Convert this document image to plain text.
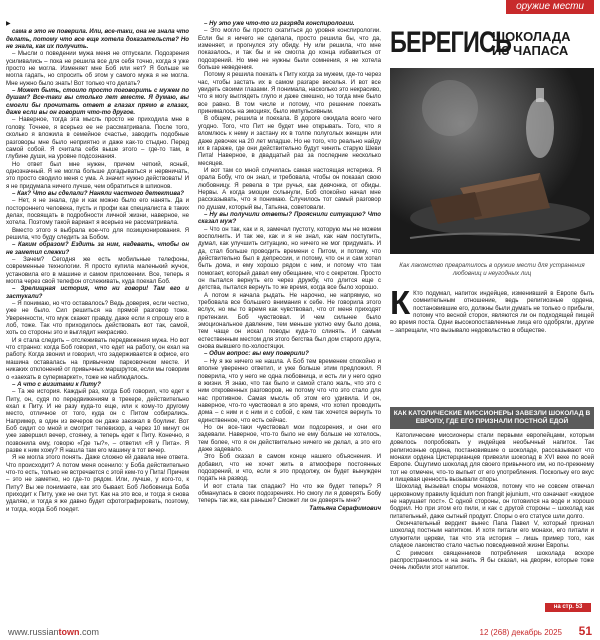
оружие мести
▶

сама в это не поверила. Или, все-таки, она не знала что делать, потому что все еще хотела доказательств? Но не знала, как их получить.

– Мысли о поведении мужа меня не отпускали. Подозрения усиливались – пока не решила все для себя точно, когда я уже просто не могла. Изменяет мне Боб или нет? Я больше не могла гадать, но спросить об этом у самого мужа я не могла. Мне нужно было знать! Вот только что делать?

– Может быть, стоило просто поговорить с мужем по душам? Все-таки вы столько лет вместе. Я думаю, вы смогли бы прочитать ответ в глазах прямо в глазах, даже если вы он говорит что-то другое.

– Наверное, тогда эта мысль просто не приходила мне в голову. Точнее, я всерьез ее не рассматривала. После того, сколько я вложила в семейное счастье, заводить подобные разговоры мне было неприятно и даже как-то стыдно. Перед самой собой. Я считала себя выше этого – где-то там, в глубине души, на уровне подсознания.

Но ответ был мне нужен, причем четкий, ясный, однозначный. Я не могла больше догадываться и нервничать, это просто сводило меня с ума. А значит нужно действовать! И я не придумала ничего лучше, чем обратиться в шпионов.

– Как? Что вы сделали? Наняли частного детектива?

– Нет, я не знала, где и как можно было его нанять. Да и постороннего человека, пусть и профи как специалиста в таких делах, посвящать в подробности личной жизни, наверное, не хотела. Поэтому такой вариант я всерьез не рассматривала.

Вместо этого я выбрала кое-что для позиционирования. Я решила, что буду следить за Бобом.

– Каким образом? Ездить за ним, надевать, чтобы он не заметил слежки?

– Зачем? Сегодня же есть мобильные телефоны, современные технологии. Я просто купила маленький жучок, установила его в машине и самом приложении. Все, теперь я могла через свой телефон отслеживать, куда поехал Боб.

– Зрелищная история, что ни говори! Там его и застукали?

– Я понимаю, но что оставалось? Ведь доверия, если честно, уже не было. Сил решиться на прямой разговор тоже. Уверенности, что муж скажет правду, даже если я спрошу его в лоб, тоже. Так что приходилось действовать вот так, самой, хоть со стороны это и выглядит некрасиво.

И я стала следить – отслеживать передвижения мужа. Но вот что странно: когда Боб говорил, что едет на работу, он ехал на работу. Когда звонил и говорил, что задерживается в офисе, его машина оставалась на привычном парковочном месте. И никаких отклонений от привычных маршрутов, если мы говорим о «заехать в супермаркет», тоже не наблюдалось.

– А что с визитами к Питу?

– Та же история. Каждый раз, когда Боб говорил, что едет к Питу, он, судя по передвижениям в трекере, действительно ехал к Питу. И не разу куда-то еще, или к кому-то другому место, отличное от того, куда он с Питом собирались. Например, в один из вечеров он даже заезжал в боулинг. Вот Боб сидит со мной и смотрит телевизор, а через 10 минут он уже завершил вечер, стоянку, а теперь едет к Питу. Конечно, я позвонила ему, говорю «Где ты?», – ответил «Я у Пита». Я разве к ним хожу? Я нашла там его машину в тот вечер.

Я не могла этого понять. Даже сложно ей давала мне ответа. Что происходит? А потом меня осенило: у Боба действительно что-то есть, только не встречается с этой кем-то у Пита! Причем – это не заметно, но где-то рядом. Или, лучше, у кого-то, к Питу? Вы же понимаете, как это бывает. Боб Любовница Боба приходит к Питу, уже не они тут. Как на это все, и тогда я снова удаляю, и тогда я же давно будет сфотографировать, поэтому, и тогда, когда Боб поедет.

– Ну это уже что-то из разряда конспирологии.

– Это могло бы просто скатиться до уровня конспирологии. Если бы я ничего не сделала, просто решила бы, что да, изменяет, и прогнулся эту обиду. Ну или решила, что мне показалось, и так бы и не смогла до конца избавиться от подозрений. Но мне не нужны были сомнения, я не хотела больше неведения.

Потому я решила поехать к Питу когда за мужем, где-то через час, чтобы застать их в самом разгаре веселья. И вот все увидеть своими глазами. Я понимала, насколько это некрасиво, что я могу выглядеть глупо и даже смешно, но тогда мне было все равно. В том числе и потому, что решение поехать принималось на эмоциях, было импульсивным.

В общем, решила и поехала. В дороге ожидала всего чего угодно. Того, что Пит не будет мне открывать. Того, что я вломлюсь к нему и застану их в толпе полуголых женщин или даже девочек на 20 лет младше. Но не того, что реально найду их в гараже, где они действительно будут чинить старую Шеви Пита! Наверное, в двадцатый раз за последние несколько месяцев.

И вот там со мной случилась самая настоящая истерика. Я орала Бобу, что он знал, и требовала, чтобы он показал свою любовницу. Я ревела в три ручья, как девчонка, от обиды. Нервы. А когда эмоции схлынули, Боб спокойно начал мне рассказывать, что я понимаю. Случилось тот самый разговор по душам, который вы, Татьяна, советовали.

– Ну вы получили ответы? Прояснили ситуацию? Что сказал муж?

– Что он так, как и я, замечал пустоту, которую мы не можем восполнить. И так же, как и я не знал, как нам поступить, думал, как улучшить ситуацию, но ничего не мог придумать. И да, стал больше проводить времени с Питом, и потому, что действительно был в депрессии, и потому, что он и сам хотел быть дома, и ему хорошо рядом с ним, и потому что там помогает, который давал ему обещание, что с секретом. Просто он пытался вернуть его через дружбу, что длится еще с детства, пытался вернуть то же время, когда все было хорошо.

А потом я начала рыдать. Не нарочно, не напрямую, но требовала все большего внимания к себе. Не говорила этого вслух, но мы то время как чувствовал, что от меня приходят претензии. Боб чувствовал. И чем сильнее было эмоциональное давление, тем меньше уютно ему было дома, тем чаще он искал поводы куда-то слинять. И самым естественным местом для этого бегства был дом старого друга, снова вывшего по-холостяцки.

– Один вопрос: вы ему поверили?

– Ну я же ничего не нашла. А Боб тем временем спокойно и вполне уверенно ответил, и уже больше этим предложил. Я поверила, что у него не одна любовница, и есть ли у него одно в жизни. Я знаю, что так было и самой стало жаль, что это с ним откровенных разговоров, не потому что что это стало для нас противное. Самая мысль об этом его удивила. И он, наверное, что-то чувствовал в это время, что хотел проводить дома – с ним и с ним и с собой, с кем так хочется вернуть то единственное, что есть сейчас.

Но он все-таки чувствовал мои подозрения, и они его задевали. Наверное, что-то было не ему больше не хотелось, тем более, что я он действительно ничего не делал, а это его даже задевало.

Это Боб сказал в самом конце нашего объяснения. И добавил, что не хочет жить в атмосфере постоянных подозрений, и что, если я это продолжу, он будет вынужден подать на развод.

И вот стала так спадаю? Но что же будет теперь? Я обманулась в своих подозрениях. Но смогу ли я доверять Бобу теперь так же, как раньше? Сможет ли он доверять мне?

Татьяна Серафимович

БЕРЕГИСЬ
ШОКОЛАДА
ИЗ ЧАПАСА
Как лакомство превратилось в оружие мести для устранения любовниц и неугодных лиц
К Кто подумал, напиток индейцев, изменивший в Европе быть сомнительным отношение, ведь религиозные ордена, постановившие его, должны были думать не только о прибыли, потому что весной сторох, являются ли он подходящей пищей во время поста. Одни высокопоставленные лица его одобряли, другие – запрещали, что вызывало недовольство в обществе.
КАК КАТОЛИЧЕСКИЕ МИССИОНЕРЫ ЗАВЕЗЛИ ШОКОЛАД В ЕВРОПУ, ГДЕ ЕГО ПРИЗНАЛИ ПОСТНОЙ ЕДОЙ

Католические миссионеры стали первыми европейцами, которым довелось попробовать у индейцев необычный напиток. Так религиозные ордена, постановившие о шоколаде, рассказывают что монахи ордена Цистерцианцев привезли шоколад в XVI веке по всей Европе. Ощутимо шоколад для своего привычного им, но по-прежнему тот не отмечен, что-то выпьет от его употребления. Поскольку его вкус и пищевая ценность вызывали споры.

Шоколад вызывал споры монахов, потому что не совсем отвечал церковному правилу liquidum non frangit jejunium, что означает «жидкое не нарушает пост». С одной стороны, он готовился на воде и хорошо бодрил. Но при этом его пили, и как с другой стороны – шоколад как питательный, даже сытный продукт. Споры о его статусе шли долго.

Окончательный вердикт вынес Папа Павел V, который признал шоколад постным напитком. И хотя питали его монахи, его питали и служители церкви, так что эта история – лишь пример того, как сладкое лакомство стало частью повседневной жизни Европы.

С римских священников потребления шоколада вскоре распространилось и на знать. Я бы сказал, на дворян, которые тоже очень любили этот напиток.

на стр. 53
www.russiantown.com	12 (268) декабрь 2025 51
